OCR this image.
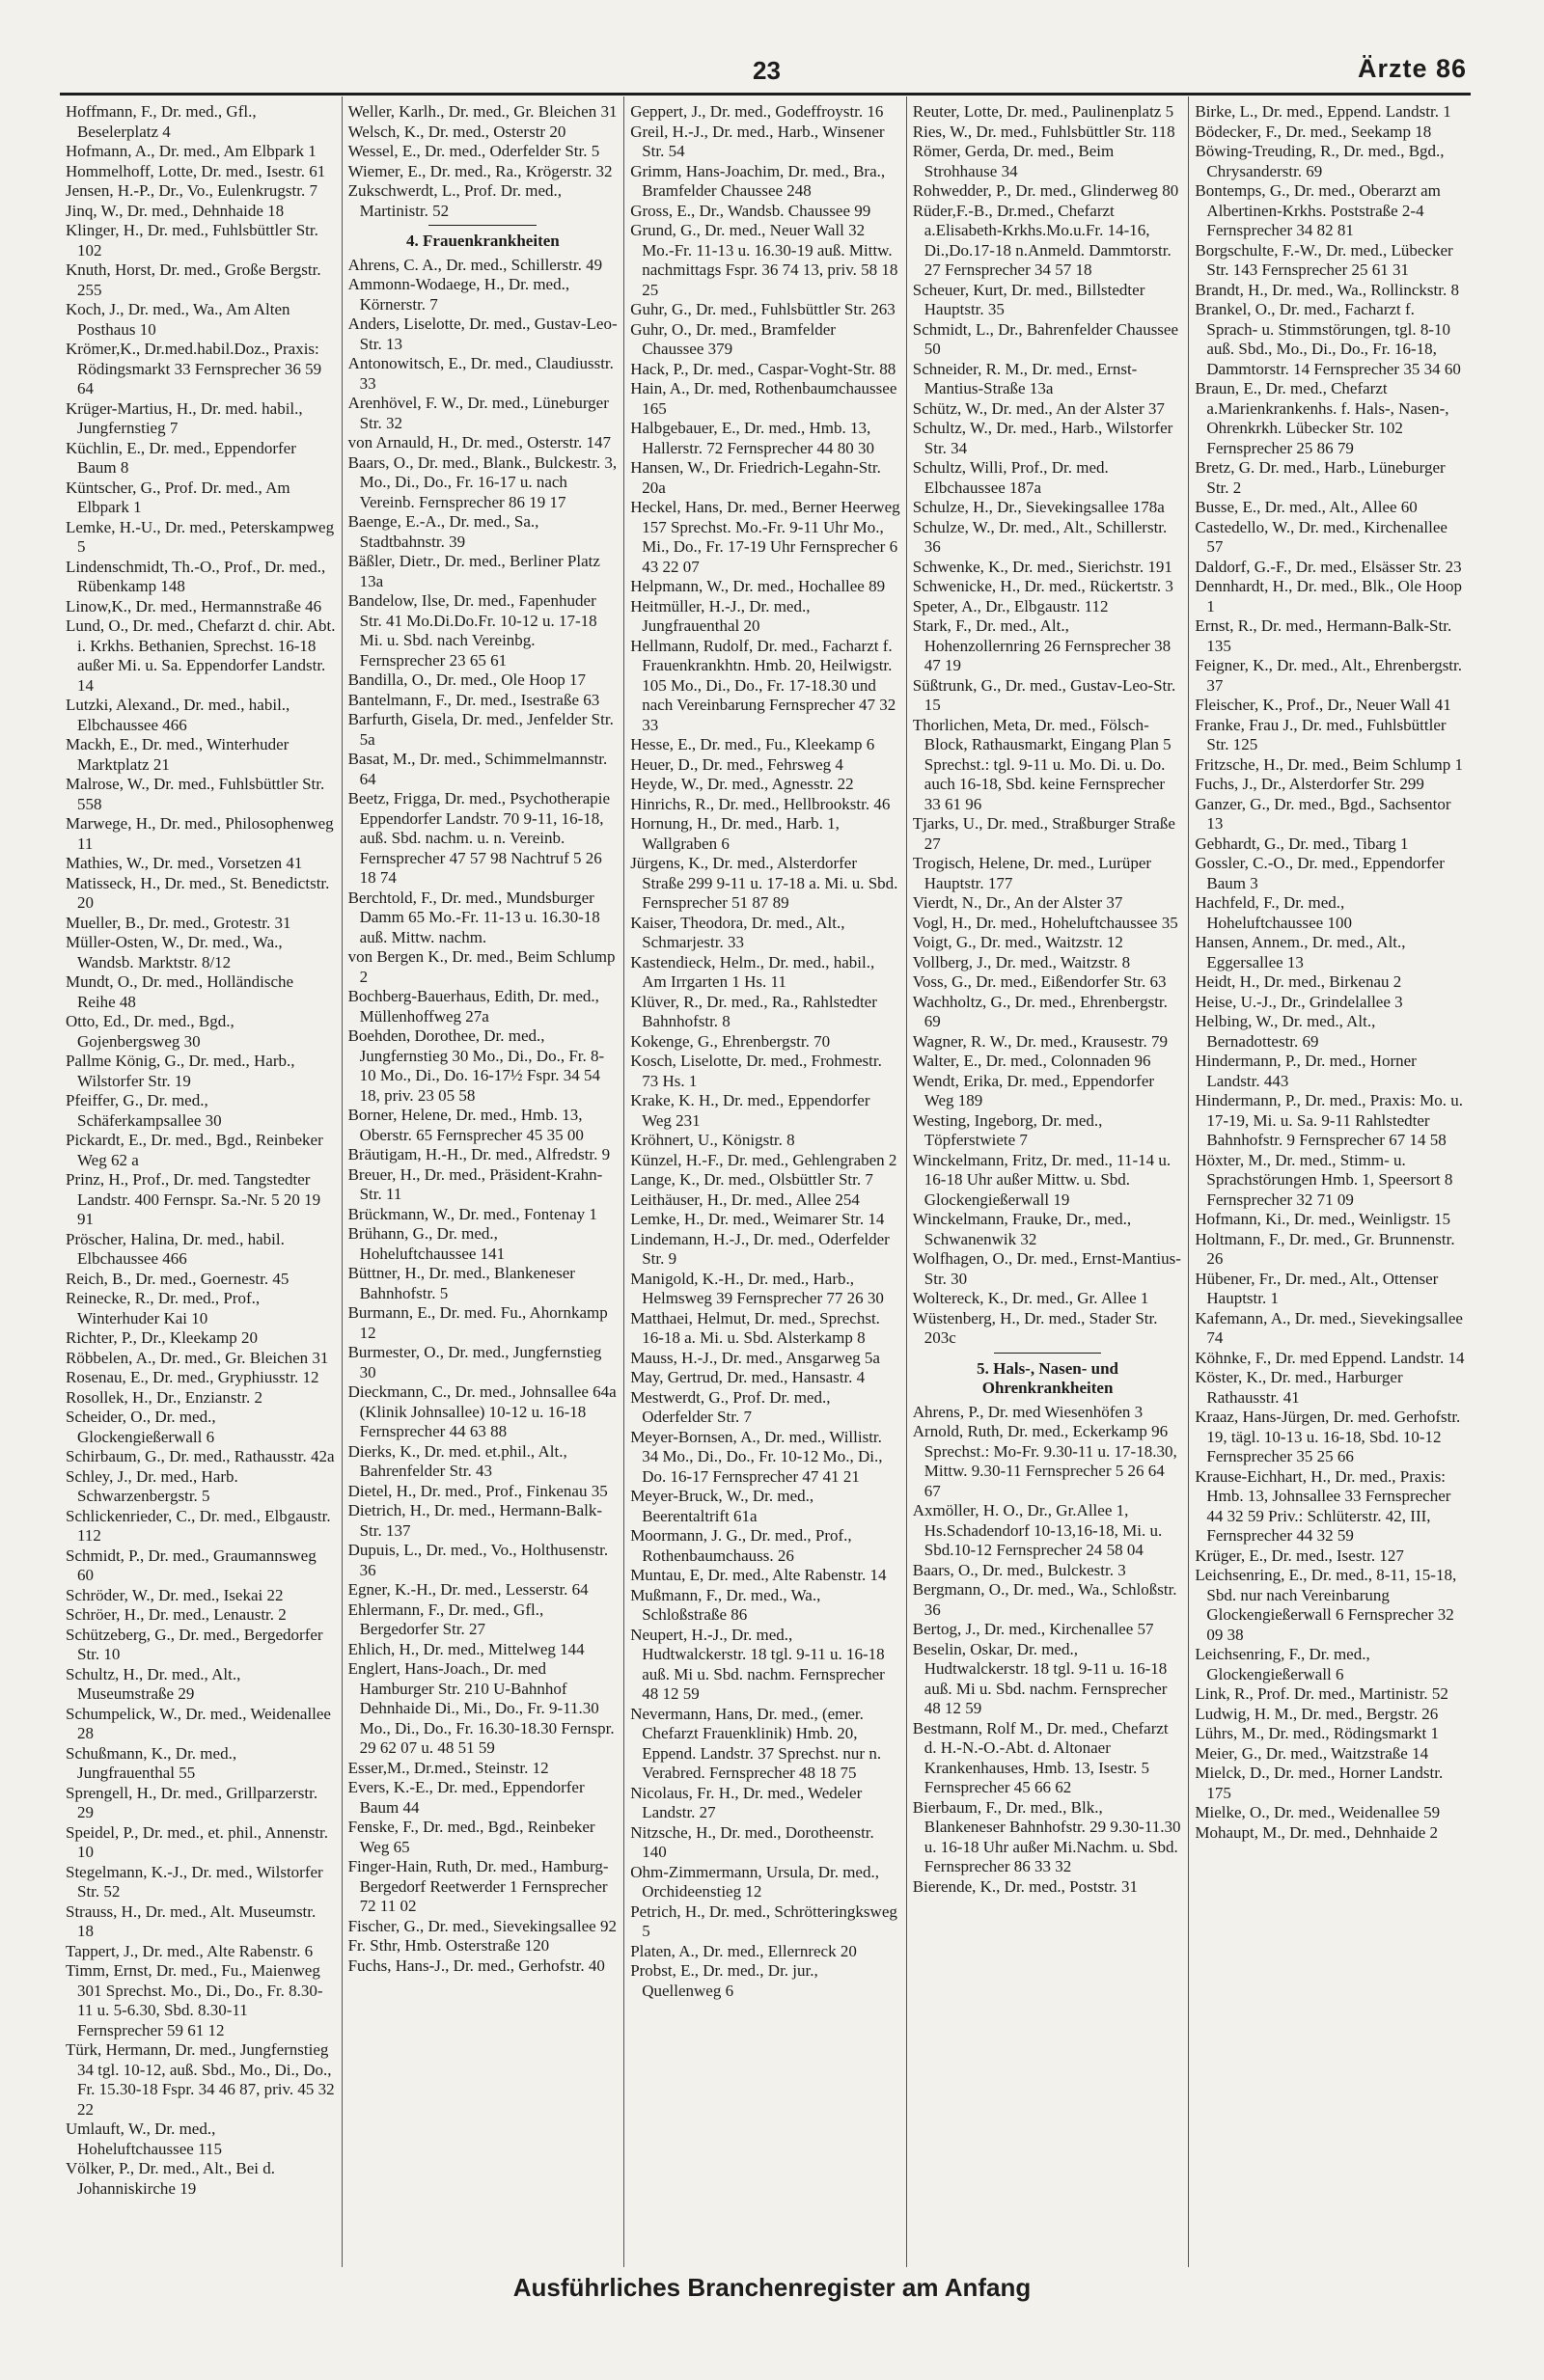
23	Ärzte 86

Hoffmann, F., Dr. med., Gfl., Beselerplatz 4

Hofmann, A., Dr. med., Am Elbpark 1

Hommelhoff, Lotte, Dr. med., Isestr. 61

Jensen, H.-P., Dr., Vo., Eulenkrugstr. 7

Jinq, W., Dr. med., Dehnhaide 18

Klinger, H., Dr. med., Fuhlsbüttler Str. 102

Knuth, Horst, Dr. med., Große Bergstr. 255

Koch, J., Dr. med., Wa., Am Alten Posthaus 10

Krömer,K., Dr.med.habil.Doz., Praxis: Rödingsmarkt 33 Fernsprecher 36 59 64

Krüger-Martius, H., Dr. med. habil., Jungfernstieg 7

Küchlin, E., Dr. med., Eppendorfer Baum 8

Küntscher, G., Prof. Dr. med., Am Elbpark 1

Lemke, H.-U., Dr. med., Peterskampweg 5

Lindenschmidt, Th.-O., Prof., Dr. med., Rübenkamp 148

Linow,K., Dr. med., Hermannstraße 46

Lund, O., Dr. med., Chefarzt d. chir. Abt. i. Krkhs. Bethanien, Sprechst. 16-18 außer Mi. u. Sa. Eppendorfer Landstr. 14

Lutzki, Alexand., Dr. med., habil., Elbchaussee 466

Mackh, E., Dr. med., Winterhuder Marktplatz 21

Malrose, W., Dr. med., Fuhlsbüttler Str. 558

Marwege, H., Dr. med., Philosophenweg 11

Mathies, W., Dr. med., Vorsetzen 41

Matisseck, H., Dr. med., St. Benedictstr. 20

Mueller, B., Dr. med., Grotestr. 31

Müller-Osten, W., Dr. med., Wa., Wandsb. Marktstr. 8/12

Mundt, O., Dr. med., Holländische Reihe 48

Otto, Ed., Dr. med., Bgd., Gojenbergsweg 30

Pallme König, G., Dr. med., Harb., Wilstorfer Str. 19

Pfeiffer, G., Dr. med., Schäferkampsallee 30

Pickardt, E., Dr. med., Bgd., Reinbeker Weg 62 a

Prinz, H., Prof., Dr. med. Tangstedter Landstr. 400 Fernspr. Sa.-Nr. 5 20 19 91

Pröscher, Halina, Dr. med., habil. Elbchaussee 466

Reich, B., Dr. med., Goernestr. 45

Reinecke, R., Dr. med., Prof., Winterhuder Kai 10

Richter, P., Dr., Kleekamp 20

Röbbelen, A., Dr. med., Gr. Bleichen 31

Rosenau, E., Dr. med., Gryphiusstr. 12

Rosollek, H., Dr., Enzianstr. 2

Scheider, O., Dr. med., Glockengießerwall 6

Schirbaum, G., Dr. med., Rathausstr. 42a

Schley, J., Dr. med., Harb. Schwarzenbergstr. 5

Schlickenrieder, C., Dr. med., Elbgaustr. 112

Schmidt, P., Dr. med., Graumannsweg 60

Schröder, W., Dr. med., Isekai 22

Schröer, H., Dr. med., Lenaustr. 2

Schützeberg, G., Dr. med., Bergedorfer Str. 10

Schultz, H., Dr. med., Alt., Museumstraße 29

Schumpelick, W., Dr. med., Weidenallee 28

Schußmann, K., Dr. med., Jungfrauenthal 55

Sprengell, H., Dr. med., Grillparzerstr. 29

Speidel, P., Dr. med., et. phil., Annenstr. 10

Stegelmann, K.-J., Dr. med., Wilstorfer Str. 52

Strauss, H., Dr. med., Alt. Museumstr. 18

Tappert, J., Dr. med., Alte Rabenstr. 6

Timm, Ernst, Dr. med., Fu., Maienweg 301 Sprechst. Mo., Di., Do., Fr. 8.30-11 u. 5-6.30, Sbd. 8.30-11 Fernsprecher 59 61 12

Türk, Hermann, Dr. med., Jungfernstieg 34 tgl. 10-12, auß. Sbd., Mo., Di., Do., Fr. 15.30-18 Fspr. 34 46 87, priv. 45 32 22

Umlauft, W., Dr. med., Hoheluftchaussee 115

Völker, P., Dr. med., Alt., Bei d. Johanniskirche 19

Weller, Karlh., Dr. med., Gr. Bleichen 31

Welsch, K., Dr. med., Osterstr 20

Wessel, E., Dr. med., Oderfelder Str. 5

Wiemer, E., Dr. med., Ra., Krögerstr. 32

Zukschwerdt, L., Prof. Dr. med., Martinistr. 52

4. Frauenkrankheiten

Ahrens, C. A., Dr. med., Schillerstr. 49

Ammonn-Wodaege, H., Dr. med., Körnerstr. 7

Anders, Liselotte, Dr. med., Gustav-Leo-Str. 13

Antonowitsch, E., Dr. med., Claudiusstr. 33

Arenhövel, F. W., Dr. med., Lüneburger Str. 32

von Arnauld, H., Dr. med., Osterstr. 147

Baars, O., Dr. med., Blank., Bulckestr. 3, Mo., Di., Do., Fr. 16-17 u. nach Vereinb. Fernsprecher 86 19 17

Baenge, E.-A., Dr. med., Sa., Stadtbahnstr. 39

Bäßler, Dietr., Dr. med., Berliner Platz 13a

Bandelow, Ilse, Dr. med., Fapenhuder Str. 41 Mo.Di.Do.Fr. 10-12 u. 17-18 Mi. u. Sbd. nach Vereinbg. Fernsprecher 23 65 61

Bandilla, O., Dr. med., Ole Hoop 17

Bantelmann, F., Dr. med., Isestraße 63

Barfurth, Gisela, Dr. med., Jenfelder Str. 5a

Basat, M., Dr. med., Schimmelmannstr. 64

Beetz, Frigga, Dr. med., Psychotherapie Eppendorfer Landstr. 70 9-11, 16-18, auß. Sbd. nachm. u. n. Vereinb. Fernsprecher 47 57 98 Nachtruf 5 26 18 74

Berchtold, F., Dr. med., Mundsburger Damm 65 Mo.-Fr. 11-13 u. 16.30-18 auß. Mittw. nachm.

von Bergen K., Dr. med., Beim Schlump 2

Bochberg-Bauerhaus, Edith, Dr. med., Müllenhoffweg 27a

Boehden, Dorothee, Dr. med., Jungfernstieg 30 Mo., Di., Do., Fr. 8-10 Mo., Di., Do. 16-17½ Fspr. 34 54 18, priv. 23 05 58

Borner, Helene, Dr. med., Hmb. 13, Oberstr. 65 Fernsprecher 45 35 00

Bräutigam, H.-H., Dr. med., Alfredstr. 9

Breuer, H., Dr. med., Präsident-Krahn-Str. 11

Brückmann, W., Dr. med., Fontenay 1

Brühann, G., Dr. med., Hoheluftchaussee 141

Büttner, H., Dr. med., Blankeneser Bahnhofstr. 5

Burmann, E., Dr. med. Fu., Ahornkamp 12

Burmester, O., Dr. med., Jungfernstieg 30

Dieckmann, C., Dr. med., Johnsallee 64a (Klinik Johnsallee) 10-12 u. 16-18 Fernsprecher 44 63 88

Dierks, K., Dr. med. et.phil., Alt., Bahrenfelder Str. 43

Dietel, H., Dr. med., Prof., Finkenau 35

Dietrich, H., Dr. med., Hermann-Balk-Str. 137

Dupuis, L., Dr. med., Vo., Holthusenstr. 36

Egner, K.-H., Dr. med., Lesserstr. 64

Ehlermann, F., Dr. med., Gfl., Bergedorfer Str. 27

Ehlich, H., Dr. med., Mittelweg 144

Englert, Hans-Joach., Dr. med Hamburger Str. 210 U-Bahnhof Dehnhaide Di., Mi., Do., Fr. 9-11.30 Mo., Di., Do., Fr. 16.30-18.30 Fernspr. 29 62 07 u. 48 51 59

Esser,M., Dr.med., Steinstr. 12

Evers, K.-E., Dr. med., Eppendorfer Baum 44

Fenske, F., Dr. med., Bgd., Reinbeker Weg 65

Finger-Hain, Ruth, Dr. med., Hamburg-Bergedorf Reetwerder 1 Fernsprecher 72 11 02

Fischer, G., Dr. med., Sievekingsallee 92

Fr. Sthr, Hmb. Osterstraße 120

Fuchs, Hans-J., Dr. med., Gerhofstr. 40

Geppert, J., Dr. med., Godeffroystr. 16

Greil, H.-J., Dr. med., Harb., Winsener Str. 54

Grimm, Hans-Joachim, Dr. med., Bra., Bramfelder Chaussee 248

Gross, E., Dr., Wandsb. Chaussee 99

Grund, G., Dr. med., Neuer Wall 32 Mo.-Fr. 11-13 u. 16.30-19 auß. Mittw. nachmittags Fspr. 36 74 13, priv. 58 18 25

Guhr, G., Dr. med., Fuhlsbüttler Str. 263

Guhr, O., Dr. med., Bramfelder Chaussee 379

Hack, P., Dr. med., Caspar-Voght-Str. 88

Hain, A., Dr. med, Rothenbaumchaussee 165

Halbgebauer, E., Dr. med., Hmb. 13, Hallerstr. 72 Fernsprecher 44 80 30

Hansen, W., Dr. Friedrich-Legahn-Str. 20a

Heckel, Hans, Dr. med., Berner Heerweg 157 Sprechst. Mo.-Fr. 9-11 Uhr Mo., Mi., Do., Fr. 17-19 Uhr Fernsprecher 6 43 22 07

Helpmann, W., Dr. med., Hochallee 89

Heitmüller, H.-J., Dr. med., Jungfrauenthal 20

Hellmann, Rudolf, Dr. med., Facharzt f. Frauenkrankhtn. Hmb. 20, Heilwigstr. 105 Mo., Di., Do., Fr. 17-18.30 und nach Vereinbarung Fernsprecher 47 32 33

Hesse, E., Dr. med., Fu., Kleekamp 6

Heuer, D., Dr. med., Fehrsweg 4

Heyde, W., Dr. med., Agnesstr. 22

Hinrichs, R., Dr. med., Hellbrookstr. 46

Hornung, H., Dr. med., Harb. 1, Wallgraben 6

Jürgens, K., Dr. med., Alsterdorfer Straße 299 9-11 u. 17-18 a. Mi. u. Sbd. Fernsprecher 51 87 89

Kaiser, Theodora, Dr. med., Alt., Schmarjestr. 33

Kastendieck, Helm., Dr. med., habil., Am Irrgarten 1 Hs. 11

Klüver, R., Dr. med., Ra., Rahlstedter Bahnhofstr. 8

Kokenge, G., Ehrenbergstr. 70

Kosch, Liselotte, Dr. med., Frohmestr. 73 Hs. 1

Krake, K. H., Dr. med., Eppendorfer Weg 231

Kröhnert, U., Königstr. 8

Künzel, H.-F., Dr. med., Gehlengraben 2

Lange, K., Dr. med., Olsbüttler Str. 7

Leithäuser, H., Dr. med., Allee 254

Lemke, H., Dr. med., Weimarer Str. 14

Lindemann, H.-J., Dr. med., Oderfelder Str. 9

Manigold, K.-H., Dr. med., Harb., Helmsweg 39 Fernsprecher 77 26 30

Matthaei, Helmut, Dr. med., Sprechst. 16-18 a. Mi. u. Sbd. Alsterkamp 8

Mauss, H.-J., Dr. med., Ansgarweg 5a

May, Gertrud, Dr. med., Hansastr. 4

Mestwerdt, G., Prof. Dr. med., Oderfelder Str. 7

Meyer-Bornsen, A., Dr. med., Willistr. 34 Mo., Di., Do., Fr. 10-12 Mo., Di., Do. 16-17 Fernsprecher 47 41 21

Meyer-Bruck, W., Dr. med., Beerentaltrift 61a

Moormann, J. G., Dr. med., Prof., Rothenbaumchauss. 26

Muntau, E, Dr. med., Alte Rabenstr. 14

Mußmann, F., Dr. med., Wa., Schloßstraße 86

Neupert, H.-J., Dr. med., Hudtwalckerstr. 18 tgl. 9-11 u. 16-18 auß. Mi u. Sbd. nachm. Fernsprecher 48 12 59

Nevermann, Hans, Dr. med., (emer. Chefarzt Frauenklinik) Hmb. 20, Eppend. Landstr. 37 Sprechst. nur n. Verabred. Fernsprecher 48 18 75

Nicolaus, Fr. H., Dr. med., Wedeler Landstr. 27

Nitzsche, H., Dr. med., Dorotheenstr. 140

Ohm-Zimmermann, Ursula, Dr. med., Orchideenstieg 12

Petrich, H., Dr. med., Schrötteringksweg 5

Platen, A., Dr. med., Ellernreck 20

Probst, E., Dr. med., Dr. jur., Quellenweg 6

Reuter, Lotte, Dr. med., Paulinenplatz 5

Ries, W., Dr. med., Fuhlsbüttler Str. 118

Römer, Gerda, Dr. med., Beim Strohhause 34

Rohwedder, P., Dr. med., Glinderweg 80

Rüder,F.-B., Dr.med., Chefarzt a.Elisabeth-Krkhs.Mo.u.Fr. 14-16, Di.,Do.17-18 n.Anmeld. Dammtorstr. 27 Fernsprecher 34 57 18

Scheuer, Kurt, Dr. med., Billstedter Hauptstr. 35

Schmidt, L., Dr., Bahrenfelder Chaussee 50

Schneider, R. M., Dr. med., Ernst-Mantius-Straße 13a

Schütz, W., Dr. med., An der Alster 37

Schultz, W., Dr. med., Harb., Wilstorfer Str. 34

Schultz, Willi, Prof., Dr. med. Elbchaussee 187a

Schulze, H., Dr., Sievekingsallee 178a

Schulze, W., Dr. med., Alt., Schillerstr. 36

Schwenke, K., Dr. med., Sierichstr. 191

Schwenicke, H., Dr. med., Rückertstr. 3

Speter, A., Dr., Elbgaustr. 112

Stark, F., Dr. med., Alt., Hohenzollernring 26 Fernsprecher 38 47 19

Süßtrunk, G., Dr. med., Gustav-Leo-Str. 15

Thorlichen, Meta, Dr. med., Fölsch-Block, Rathausmarkt, Eingang Plan 5 Sprechst.: tgl. 9-11 u. Mo. Di. u. Do. auch 16-18, Sbd. keine Fernsprecher 33 61 96

Tjarks, U., Dr. med., Straßburger Straße 27

Trogisch, Helene, Dr. med., Lurüper Hauptstr. 177

Vierdt, N., Dr., An der Alster 37

Vogl, H., Dr. med., Hoheluftchaussee 35

Voigt, G., Dr. med., Waitzstr. 12

Vollberg, J., Dr. med., Waitzstr. 8

Voss, G., Dr. med., Eißendorfer Str. 63

Wachholtz, G., Dr. med., Ehrenbergstr. 69

Wagner, R. W., Dr. med., Krausestr. 79

Walter, E., Dr. med., Colonnaden 96

Wendt, Erika, Dr. med., Eppendorfer Weg 189

Westing, Ingeborg, Dr. med., Töpferstwiete 7

Winckelmann, Fritz, Dr. med., 11-14 u. 16-18 Uhr außer Mittw. u. Sbd. Glockengießerwall 19

Winckelmann, Frauke, Dr., med., Schwanenwik 32

Wolfhagen, O., Dr. med., Ernst-Mantius-Str. 30

Woltereck, K., Dr. med., Gr. Allee 1

Wüstenberg, H., Dr. med., Stader Str. 203c

5. Hals-, Nasen- und Ohrenkrankheiten

Ahrens, P., Dr. med Wiesenhöfen 3

Arnold, Ruth, Dr. med., Eckerkamp 96 Sprechst.: Mo-Fr. 9.30-11 u. 17-18.30, Mittw. 9.30-11 Fernsprecher 5 26 64 67

Axmöller, H. O., Dr., Gr.Allee 1, Hs.Schadendorf 10-13,16-18, Mi. u. Sbd.10-12 Fernsprecher 24 58 04

Baars, O., Dr. med., Bulckestr. 3

Bergmann, O., Dr. med., Wa., Schloßstr. 36

Bertog, J., Dr. med., Kirchenallee 57

Beselin, Oskar, Dr. med., Hudtwalckerstr. 18 tgl. 9-11 u. 16-18 auß. Mi u. Sbd. nachm. Fernsprecher 48 12 59

Bestmann, Rolf M., Dr. med., Chefarzt d. H.-N.-O.-Abt. d. Altonaer Krankenhauses, Hmb. 13, Isestr. 5 Fernsprecher 45 66 62

Bierbaum, F., Dr. med., Blk., Blankeneser Bahnhofstr. 29 9.30-11.30 u. 16-18 Uhr außer Mi.Nachm. u. Sbd. Fernsprecher 86 33 32

Bierende, K., Dr. med., Poststr. 31

Birke, L., Dr. med., Eppend. Landstr. 1

Bödecker, F., Dr. med., Seekamp 18

Böwing-Treuding, R., Dr. med., Bgd., Chrysanderstr. 69

Bontemps, G., Dr. med., Oberarzt am Albertinen-Krkhs. Poststraße 2-4 Fernsprecher 34 82 81

Borgschulte, F.-W., Dr. med., Lübecker Str. 143 Fernsprecher 25 61 31

Brandt, H., Dr. med., Wa., Rollinckstr. 8

Brankel, O., Dr. med., Facharzt f. Sprach- u. Stimmstörungen, tgl. 8-10 auß. Sbd., Mo., Di., Do., Fr. 16-18, Dammtorstr. 14 Fernsprecher 35 34 60

Braun, E., Dr. med., Chefarzt a.Marienkrankenhs. f. Hals-, Nasen-, Ohrenkrkh. Lübecker Str. 102 Fernsprecher 25 86 79

Bretz, G. Dr. med., Harb., Lüneburger Str. 2

Busse, E., Dr. med., Alt., Allee 60

Castedello, W., Dr. med., Kirchenallee 57

Daldorf, G.-F., Dr. med., Elsässer Str. 23

Dennhardt, H., Dr. med., Blk., Ole Hoop 1

Ernst, R., Dr. med., Hermann-Balk-Str. 135

Feigner, K., Dr. med., Alt., Ehrenbergstr. 37

Fleischer, K., Prof., Dr., Neuer Wall 41

Franke, Frau J., Dr. med., Fuhlsbüttler Str. 125

Fritzsche, H., Dr. med., Beim Schlump 1

Fuchs, J., Dr., Alsterdorfer Str. 299

Ganzer, G., Dr. med., Bgd., Sachsentor 13

Gebhardt, G., Dr. med., Tibarg 1

Gossler, C.-O., Dr. med., Eppendorfer Baum 3

Hachfeld, F., Dr. med., Hoheluftchaussee 100

Hansen, Annem., Dr. med., Alt., Eggersallee 13

Heidt, H., Dr. med., Birkenau 2

Heise, U.-J., Dr., Grindelallee 3

Helbing, W., Dr. med., Alt., Bernadottestr. 69

Hindermann, P., Dr. med., Horner Landstr. 443

Hindermann, P., Dr. med., Praxis: Mo. u. 17-19, Mi. u. Sa. 9-11 Rahlstedter Bahnhofstr. 9 Fernsprecher 67 14 58

Höxter, M., Dr. med., Stimm- u. Sprachstörungen Hmb. 1, Speersort 8 Fernsprecher 32 71 09

Hofmann, Ki., Dr. med., Weinligstr. 15

Holtmann, F., Dr. med., Gr. Brunnenstr. 26

Hübener, Fr., Dr. med., Alt., Ottenser Hauptstr. 1

Kafemann, A., Dr. med., Sievekingsallee 74

Köhnke, F., Dr. med Eppend. Landstr. 14

Köster, K., Dr. med., Harburger Rathausstr. 41

Kraaz, Hans-Jürgen, Dr. med. Gerhofstr. 19, tägl. 10-13 u. 16-18, Sbd. 10-12 Fernsprecher 35 25 66

Krause-Eichhart, H., Dr. med., Praxis: Hmb. 13, Johnsallee 33 Fernsprecher 44 32 59 Priv.: Schlüterstr. 42, III, Fernsprecher 44 32 59

Krüger, E., Dr. med., Isestr. 127

Leichsenring, E., Dr. med., 8-11, 15-18, Sbd. nur nach Vereinbarung Glockengießerwall 6 Fernsprecher 32 09 38

Leichsenring, F., Dr. med., Glockengießerwall 6

Link, R., Prof. Dr. med., Martinistr. 52

Ludwig, H. M., Dr. med., Bergstr. 26

Lührs, M., Dr. med., Rödingsmarkt 1

Meier, G., Dr. med., Waitzstraße 14

Mielck, D., Dr. med., Horner Landstr. 175

Mielke, O., Dr. med., Weidenallee 59

Mohaupt, M., Dr. med., Dehnhaide 2

Ausführliches Branchenregister am Anfang
